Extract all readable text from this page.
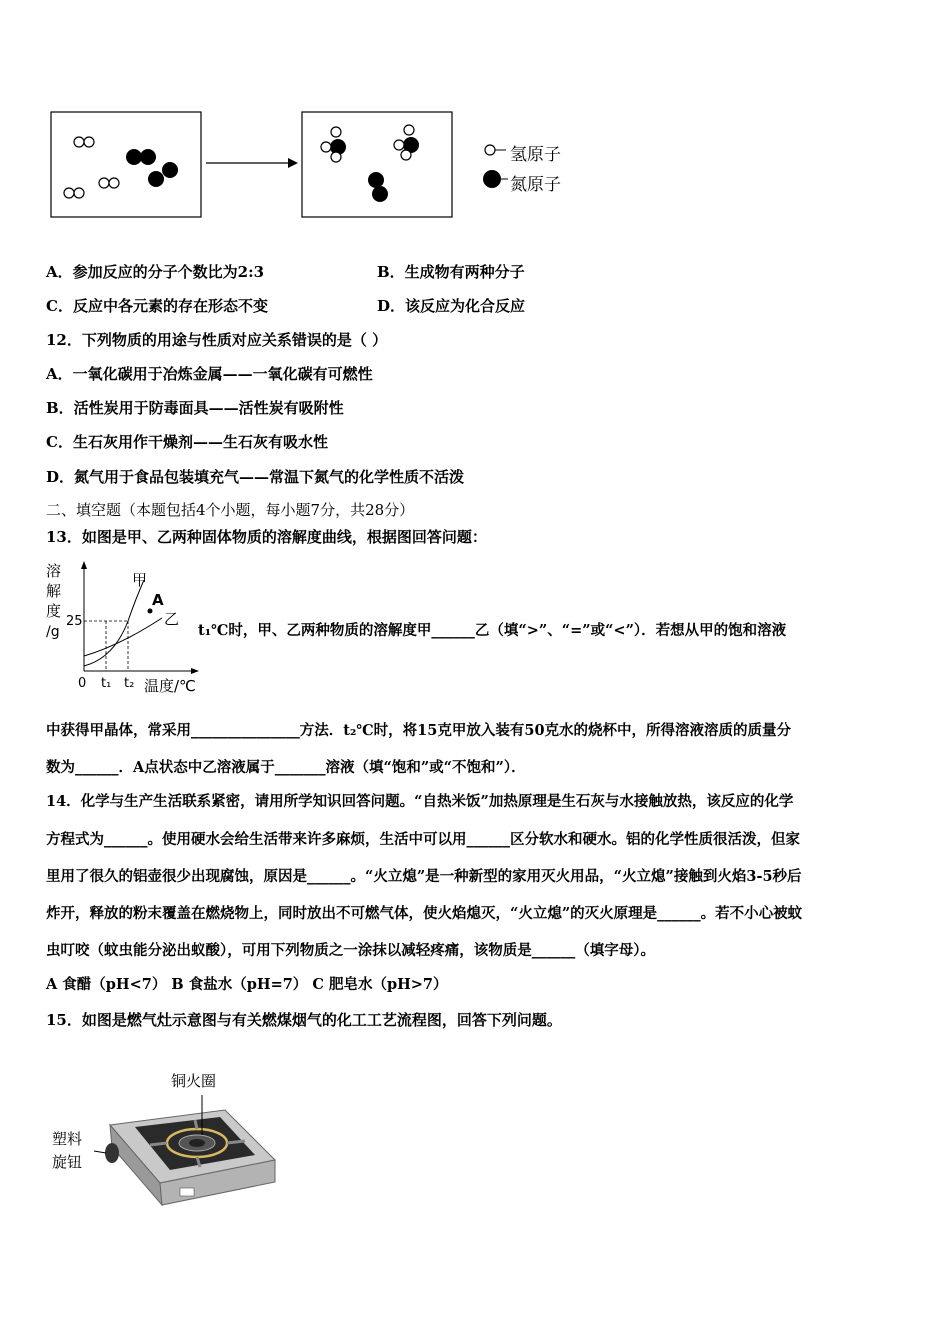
氢原子
氮原子
A．参加反应的分子个数比为2:3	B．生成物有两种分子
C．反应中各元素的存在形态不变	D．该反应为化合反应
12．下列物质的用途与性质对应关系错误的是（ ）
A．一氧化碳用于冶炼金属——一氧化碳有可燃性
B．活性炭用于防毒面具——活性炭有吸附性
C．生石灰用作干燥剂——生石灰有吸水性
D．氮气用于食品包装填充气——常温下氮气的化学性质不活泼
二、填空题（本题包括4个小题，每小题7分，共28分）
13．如图是甲、乙两种固体物质的溶解度曲线，根据图回答问题：
溶
解
度
/g
25
0 t₁ t₂ 温度/℃
甲
乙
A
t₁℃时，甲、乙两种物质的溶解度甲______乙（填“>”、“=”或“<”）．若想从甲的饱和溶液
中获得甲晶体，常采用_______________方法．t₂℃时，将15克甲放入装有50克水的烧杯中，所得溶液溶质的质量分
数为______．A点状态中乙溶液属于_______溶液（填“饱和”或“不饱和”）．
14．化学与生产生活联系紧密，请用所学知识回答问题。“自热米饭”加热原理是生石灰与水接触放热，该反应的化学
方程式为______。使用硬水会给生活带来许多麻烦，生活中可以用______区分软水和硬水。铝的化学性质很活泼，但家
里用了很久的铝壶很少出现腐蚀，原因是______。“火立熄”是一种新型的家用灭火用品，“火立熄”接触到火焰3-5秒后
炸开，释放的粉末覆盖在燃烧物上，同时放出不可燃气体，使火焰熄灭，“火立熄”的灭火原理是______。若不小心被蚊
虫叮咬（蚊虫能分泌出蚁酸），可用下列物质之一涂抹以减轻疼痛，该物质是______（填字母）。
A 食醋（pH<7） B 食盐水（pH=7） C 肥皂水（pH>7）
15．如图是燃气灶示意图与有关燃煤烟气的化工工艺流程图，回答下列问题。
铜火圈
塑料
旋钮
